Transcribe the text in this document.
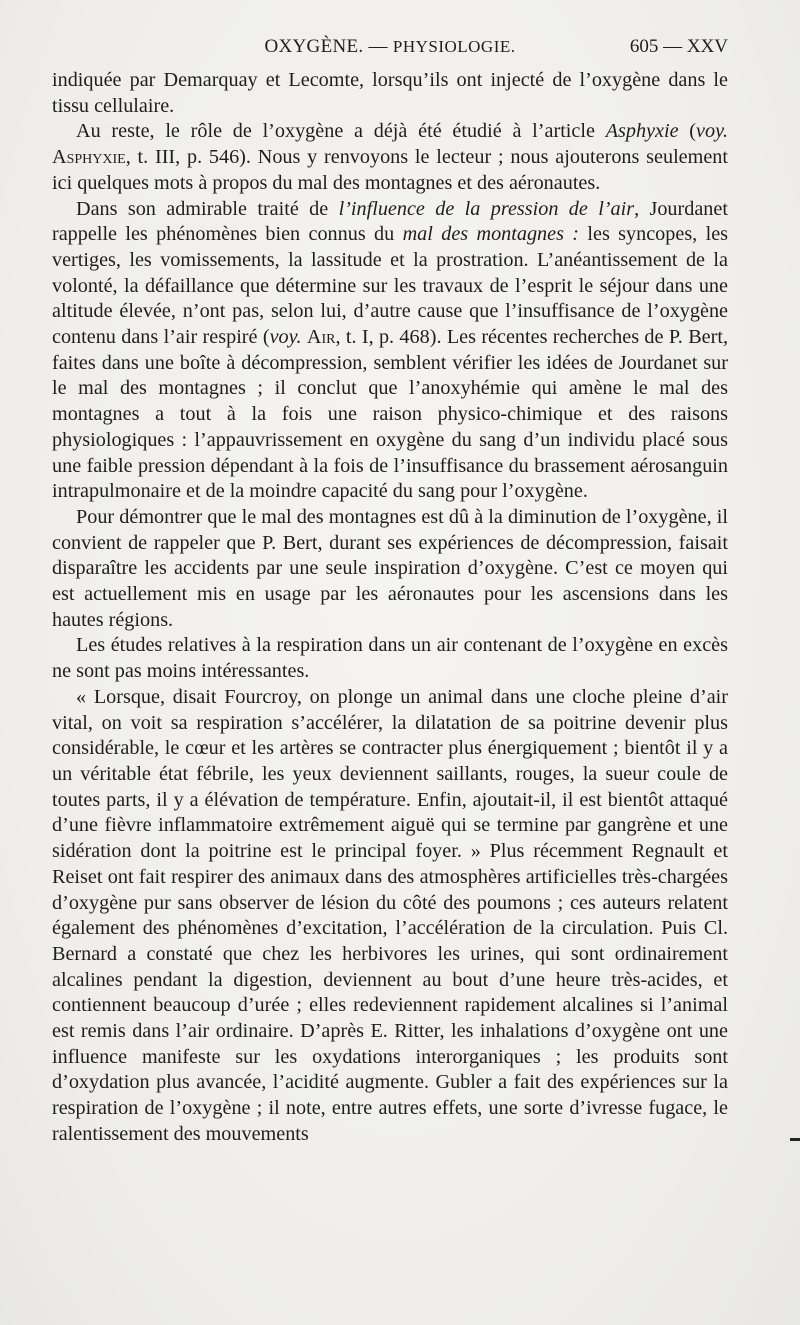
OXYGÈNE. — PHYSIOLOGIE.	605 — XXV

indiquée par Demarquay et Lecomte, lorsqu’ils ont injecté de l’oxygène dans le tissu cellulaire.

Au reste, le rôle de l’oxygène a déjà été étudié à l’article Asphyxie (voy. Asphyxie, t. III, p. 546). Nous y renvoyons le lecteur ; nous ajouterons seulement ici quelques mots à propos du mal des montagnes et des aéronautes.

Dans son admirable traité de l’influence de la pression de l’air, Jourdanet rappelle les phénomènes bien connus du mal des montagnes : les syncopes, les vertiges, les vomissements, la lassitude et la prostration. L’anéantissement de la volonté, la défaillance que détermine sur les travaux de l’esprit le séjour dans une altitude élevée, n’ont pas, selon lui, d’autre cause que l’insuffisance de l’oxygène contenu dans l’air respiré (voy. Air, t. I, p. 468). Les récentes recherches de P. Bert, faites dans une boîte à décompression, semblent vérifier les idées de Jourdanet sur le mal des montagnes ; il conclut que l’anoxyhémie qui amène le mal des montagnes a tout à la fois une raison physico-chimique et des raisons physiologiques : l’appauvrissement en oxygène du sang d’un individu placé sous une faible pression dépendant à la fois de l’insuffisance du brassement aérosanguin intrapulmonaire et de la moindre capacité du sang pour l’oxygène.

Pour démontrer que le mal des montagnes est dû à la diminution de l’oxygène, il convient de rappeler que P. Bert, durant ses expériences de décompression, faisait disparaître les accidents par une seule inspiration d’oxygène. C’est ce moyen qui est actuellement mis en usage par les aéronautes pour les ascensions dans les hautes régions.

Les études relatives à la respiration dans un air contenant de l’oxygène en excès ne sont pas moins intéressantes.

« Lorsque, disait Fourcroy, on plonge un animal dans une cloche pleine d’air vital, on voit sa respiration s’accélérer, la dilatation de sa poitrine devenir plus considérable, le cœur et les artères se contracter plus énergiquement ; bientôt il y a un véritable état fébrile, les yeux deviennent saillants, rouges, la sueur coule de toutes parts, il y a élévation de température. Enfin, ajoutait-il, il est bientôt attaqué d’une fièvre inflammatoire extrêmement aiguë qui se termine par gangrène et une sidération dont la poitrine est le principal foyer. » Plus récemment Regnault et Reiset ont fait respirer des animaux dans des atmosphères artificielles très-chargées d’oxygène pur sans observer de lésion du côté des poumons ; ces auteurs relatent également des phénomènes d’excitation, l’accélération de la circulation. Puis Cl. Bernard a constaté que chez les herbivores les urines, qui sont ordinairement alcalines pendant la digestion, deviennent au bout d’une heure très-acides, et contiennent beaucoup d’urée ; elles redeviennent rapidement alcalines si l’animal est remis dans l’air ordinaire. D’après E. Ritter, les inhalations d’oxygène ont une influence manifeste sur les oxydations interorganiques ; les produits sont d’oxydation plus avancée, l’acidité augmente. Gubler a fait des expériences sur la respiration de l’oxygène ; il note, entre autres effets, une sorte d’ivresse fugace, le ralentissement des mouvements
